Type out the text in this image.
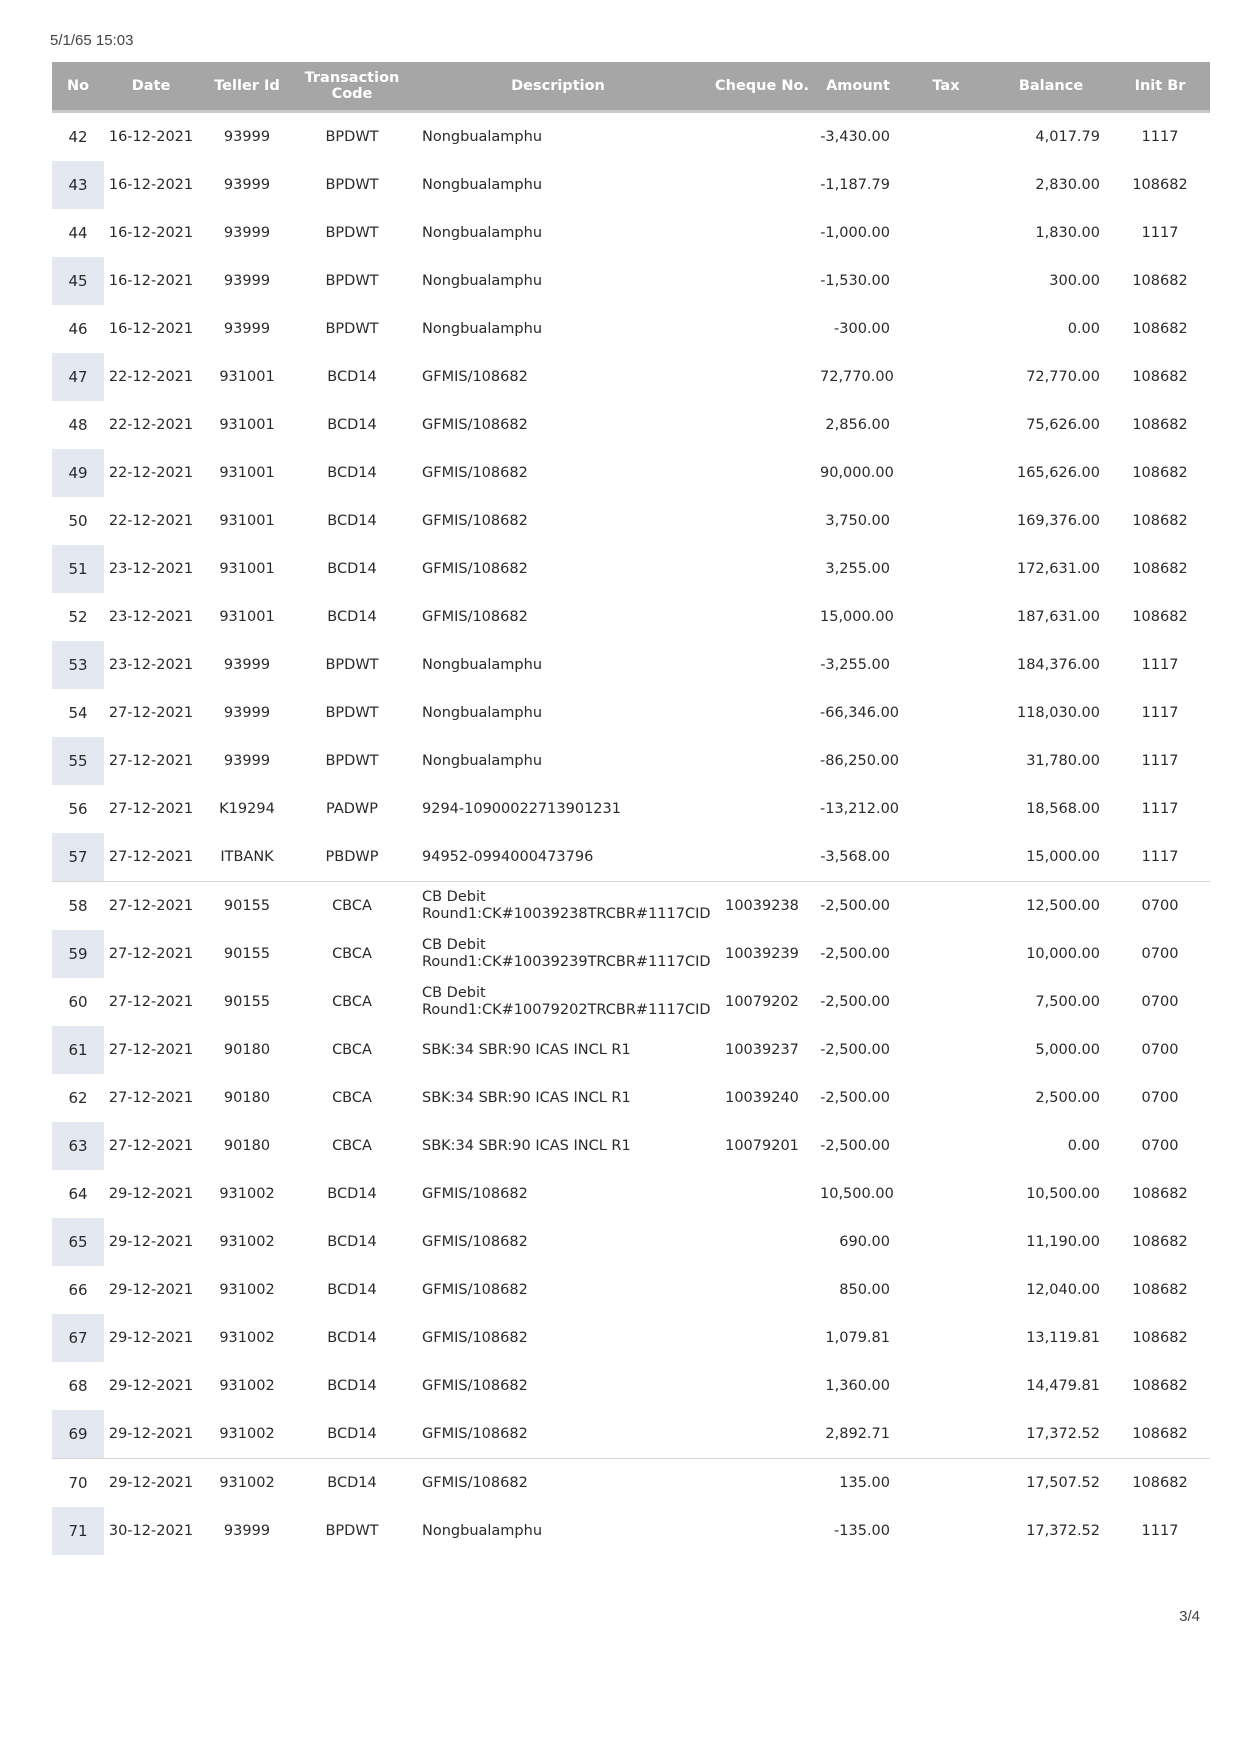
5/1/65 15:03
No	Date	Teller Id	Transaction Code	Description	Cheque No.	Amount	Tax	Balance	Init Br
42	16-12-2021	93999	BPDWT	Nongbualamphu		-3,430.00		4,017.79	1117
43	16-12-2021	93999	BPDWT	Nongbualamphu		-1,187.79		2,830.00	108682
44	16-12-2021	93999	BPDWT	Nongbualamphu		-1,000.00		1,830.00	1117
45	16-12-2021	93999	BPDWT	Nongbualamphu		-1,530.00		300.00	108682
46	16-12-2021	93999	BPDWT	Nongbualamphu		-300.00		0.00	108682
47	22-12-2021	931001	BCD14	GFMIS/108682		72,770.00		72,770.00	108682
48	22-12-2021	931001	BCD14	GFMIS/108682		2,856.00		75,626.00	108682
49	22-12-2021	931001	BCD14	GFMIS/108682		90,000.00		165,626.00	108682
50	22-12-2021	931001	BCD14	GFMIS/108682		3,750.00		169,376.00	108682
51	23-12-2021	931001	BCD14	GFMIS/108682		3,255.00		172,631.00	108682
52	23-12-2021	931001	BCD14	GFMIS/108682		15,000.00		187,631.00	108682
53	23-12-2021	93999	BPDWT	Nongbualamphu		-3,255.00		184,376.00	1117
54	27-12-2021	93999	BPDWT	Nongbualamphu		-66,346.00		118,030.00	1117
55	27-12-2021	93999	BPDWT	Nongbualamphu		-86,250.00		31,780.00	1117
56	27-12-2021	K19294	PADWP	9294-10900022713901231		-13,212.00		18,568.00	1117
57	27-12-2021	ITBANK	PBDWP	94952-0994000473796		-3,568.00		15,000.00	1117
58	27-12-2021	90155	CBCA	CB Debit Round1:CK#10039238TRCBR#1117CID	10039238	-2,500.00		12,500.00	0700
59	27-12-2021	90155	CBCA	CB Debit Round1:CK#10039239TRCBR#1117CID	10039239	-2,500.00		10,000.00	0700
60	27-12-2021	90155	CBCA	CB Debit Round1:CK#10079202TRCBR#1117CID	10079202	-2,500.00		7,500.00	0700
61	27-12-2021	90180	CBCA	SBK:34 SBR:90 ICAS INCL R1	10039237	-2,500.00		5,000.00	0700
62	27-12-2021	90180	CBCA	SBK:34 SBR:90 ICAS INCL R1	10039240	-2,500.00		2,500.00	0700
63	27-12-2021	90180	CBCA	SBK:34 SBR:90 ICAS INCL R1	10079201	-2,500.00		0.00	0700
64	29-12-2021	931002	BCD14	GFMIS/108682		10,500.00		10,500.00	108682
65	29-12-2021	931002	BCD14	GFMIS/108682		690.00		11,190.00	108682
66	29-12-2021	931002	BCD14	GFMIS/108682		850.00		12,040.00	108682
67	29-12-2021	931002	BCD14	GFMIS/108682		1,079.81		13,119.81	108682
68	29-12-2021	931002	BCD14	GFMIS/108682		1,360.00		14,479.81	108682
69	29-12-2021	931002	BCD14	GFMIS/108682		2,892.71		17,372.52	108682
70	29-12-2021	931002	BCD14	GFMIS/108682		135.00		17,507.52	108682
71	30-12-2021	93999	BPDWT	Nongbualamphu		-135.00		17,372.52	1117
3/4
